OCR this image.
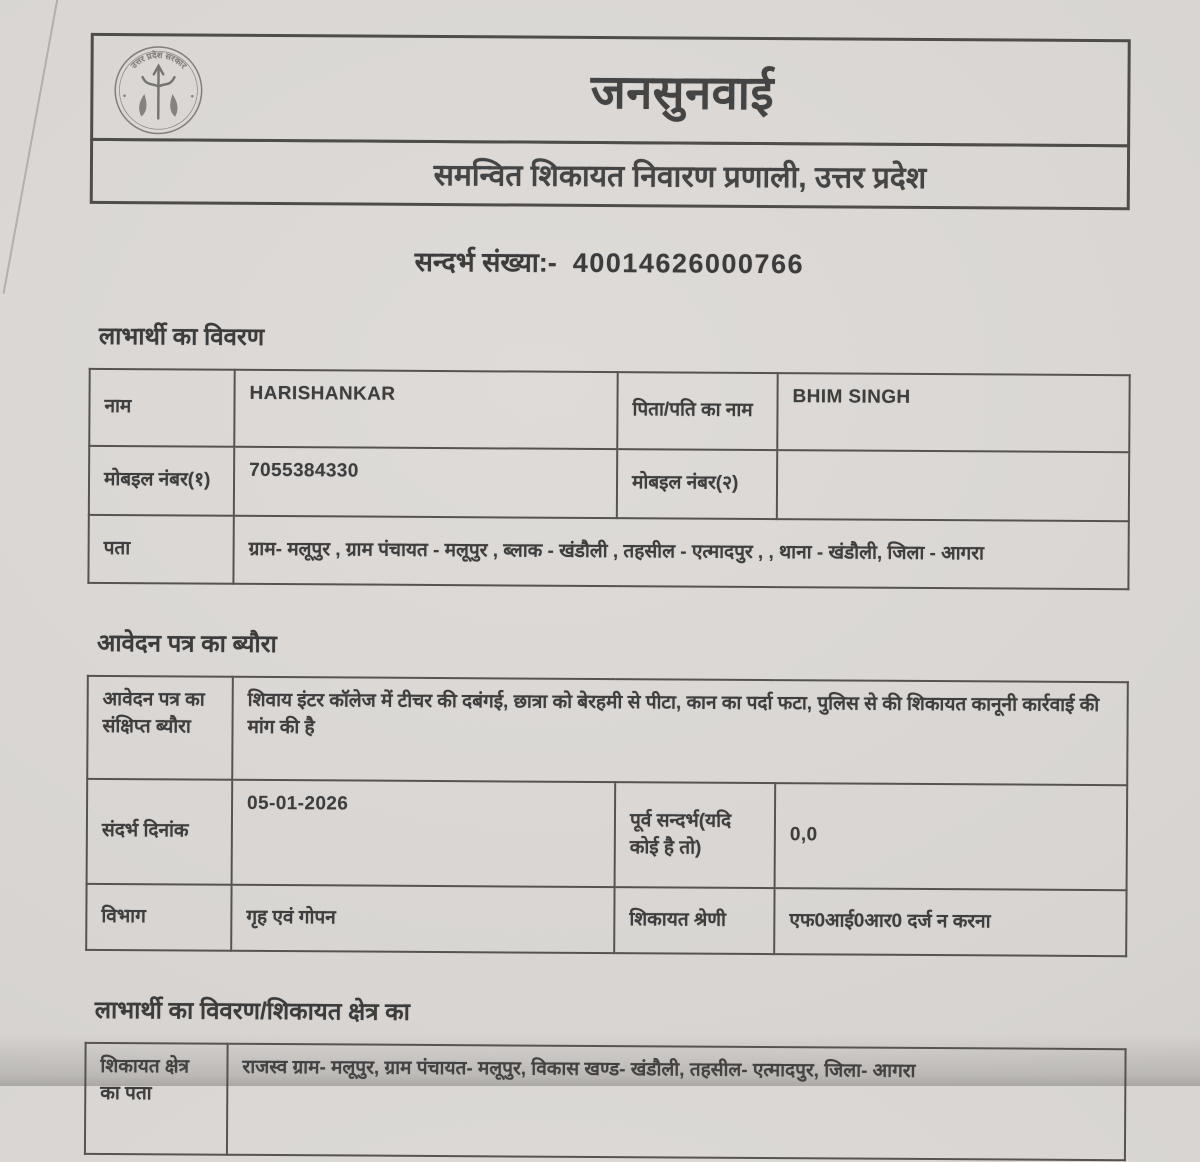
उत्तर प्रदेश सरकार	जनसुनवाई
समन्वित शिकायत निवारण प्रणाली, उत्तर प्रदेश
सन्दर्भ संख्या:- 40014626000766
लाभार्थी का विवरण
नाम	HARISHANKAR	पिता/पति का नाम	BHIM SINGH
मोबइल नंबर(१)	7055384330	मोबइल नंबर(२)	
पता	ग्राम- मलूपुर , ग्राम पंचायत - मलूपुर , ब्लाक - खंडौली , तहसील - एत्मादपुर , , थाना - खंडौली, जिला - आगरा		
आवेदन पत्र का ब्यौरा
आवेदन पत्र का संक्षिप्त ब्यौरा	शिवाय इंटर कॉलेज में टीचर की दबंगई, छात्रा को बेरहमी से पीटा, कान का पर्दा फटा, पुलिस से की शिकायत कानूनी कार्रवाई की मांग की है		
संदर्भ दिनांक	05-01-2026	पूर्व सन्दर्भ(यदि कोई है तो)	0,0
विभाग	गृह एवं गोपन	शिकायत श्रेणी	एफ0आई0आर0 दर्ज न करना
लाभार्थी का विवरण/शिकायत क्षेत्र का
शिकायत क्षेत्र का पता	राजस्व ग्राम- मलूपुर, ग्राम पंचायत- मलूपुर, विकास खण्ड- खंडौली, तहसील- एत्मादपुर, जिला- आगरा
